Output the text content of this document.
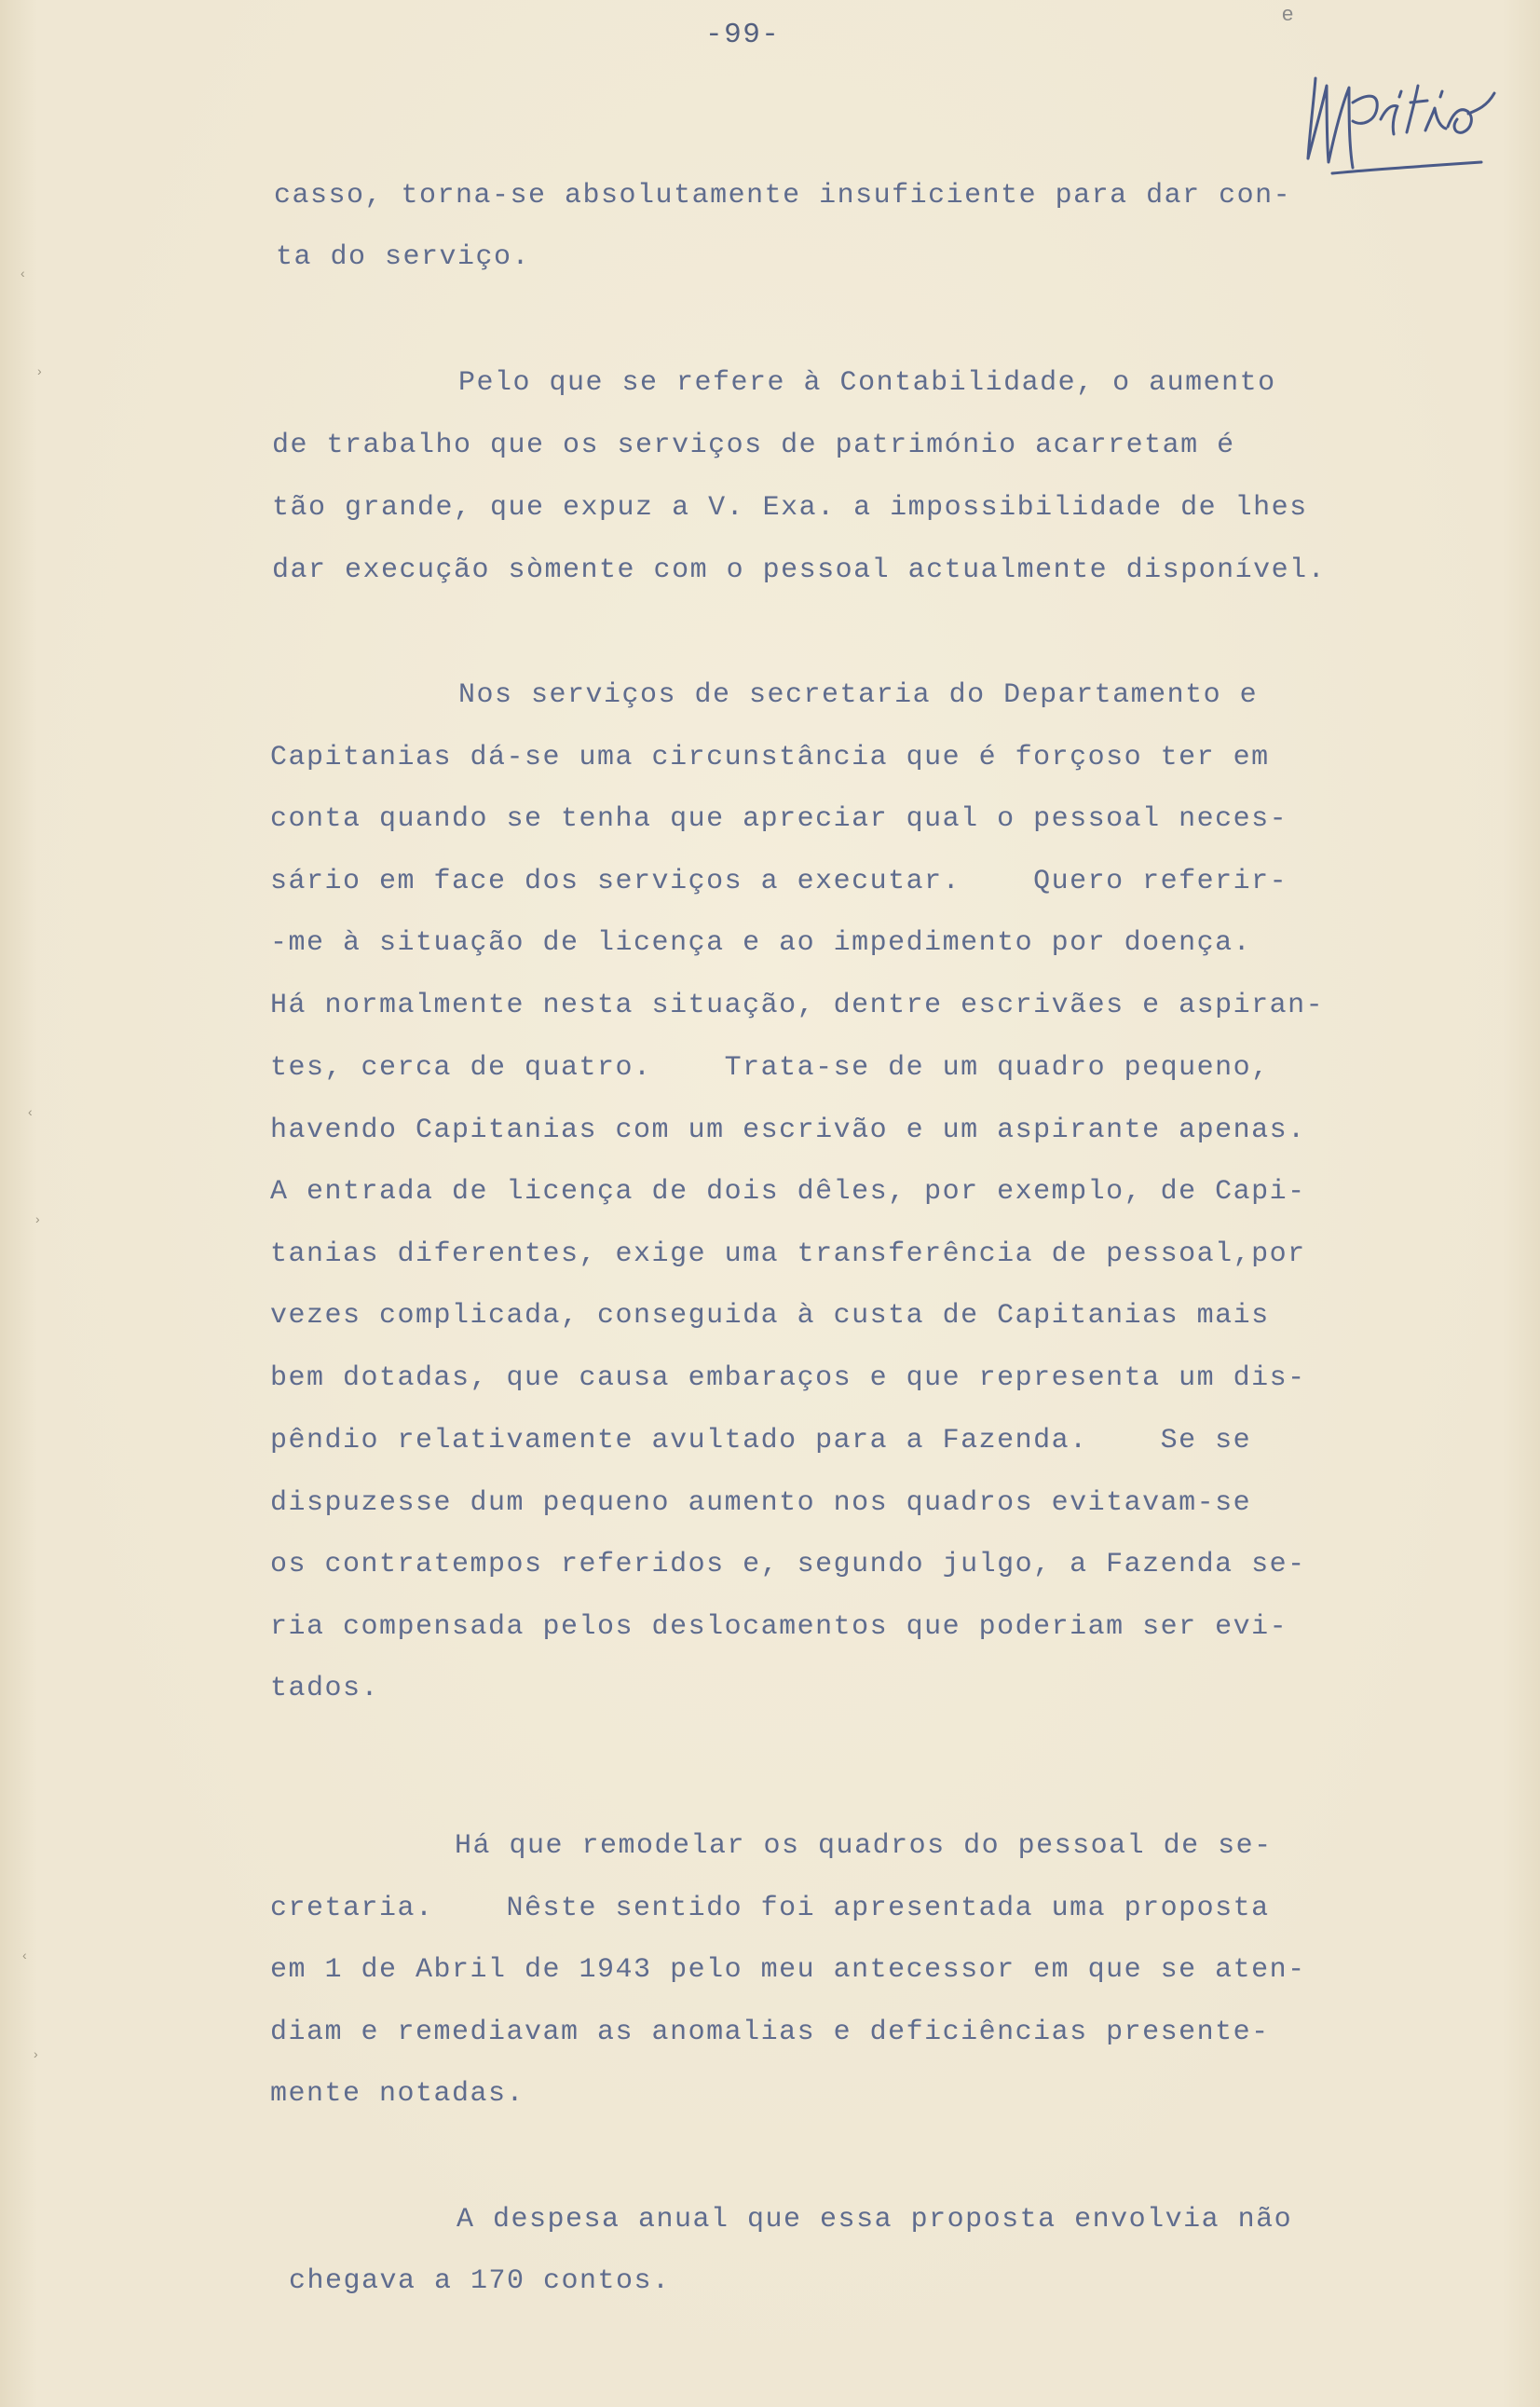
-99-

e

‹

›

‹

›

‹

›

casso, torna-se absolutamente insuficiente para dar con-

ta do serviço.

Pelo que se refere à Contabilidade, o aumento

de trabalho que os serviços de património acarretam é

tão grande, que expuz a V. Exa. a impossibilidade de lhes

dar execução sòmente com o pessoal actualmente disponível.

Nos serviços de secretaria do Departamento e

Capitanias dá-se uma circunstância que é forçoso ter em

conta quando se tenha que apreciar qual o pessoal neces-

sário em face dos serviços a executar.    Quero referir-

-me à situação de licença e ao impedimento por doença.

Há normalmente nesta situação, dentre escrivães e aspiran-

tes, cerca de quatro.    Trata-se de um quadro pequeno,

havendo Capitanias com um escrivão e um aspirante apenas.

A entrada de licença de dois dêles, por exemplo, de Capi-

tanias diferentes, exige uma transferência de pessoal,por

vezes complicada, conseguida à custa de Capitanias mais

bem dotadas, que causa embaraços e que representa um dis-

pêndio relativamente avultado para a Fazenda.    Se se

dispuzesse dum pequeno aumento nos quadros evitavam-se

os contratempos referidos e, segundo julgo, a Fazenda se-

ria compensada pelos deslocamentos que poderiam ser evi-

tados.

Há que remodelar os quadros do pessoal de se-

cretaria.    Nêste sentido foi apresentada uma proposta

em 1 de Abril de 1943 pelo meu antecessor em que se aten-

diam e remediavam as anomalias e deficiências presente-

mente notadas.

A despesa anual que essa proposta envolvia não

chegava a 170 contos.
